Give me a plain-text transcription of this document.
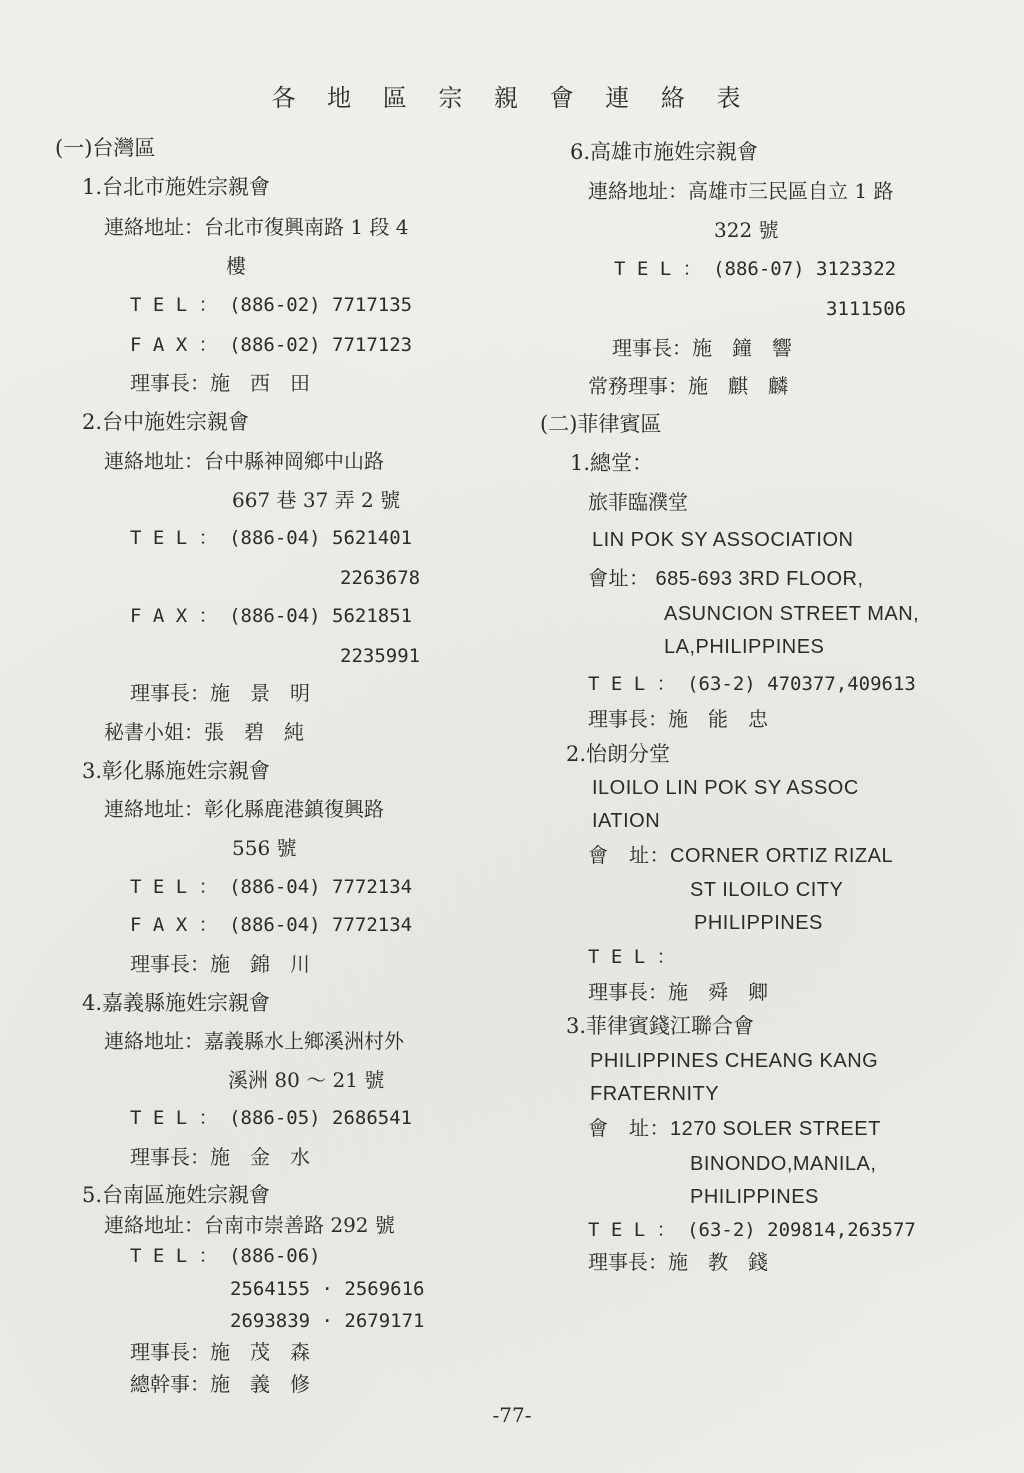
各 地 區 宗 親 會 連 絡 表
(一)台灣區
1.台北市施姓宗親會
連絡地址：台北市復興南路 1 段 4
樓
T E L ： (886-02) 7717135
F A X ： (886-02) 7717123
理事長：施　西　田
2.台中施姓宗親會
連絡地址：台中縣神岡鄉中山路
667 巷 37 弄 2 號
T E L ： (886-04) 5621401
2263678
F A X ： (886-04) 5621851
2235991
理事長：施　景　明
秘書小姐：張　碧　純
3.彰化縣施姓宗親會
連絡地址：彰化縣鹿港鎮復興路
556 號
T E L ： (886-04) 7772134
F A X ： (886-04) 7772134
理事長：施　錦　川
4.嘉義縣施姓宗親會
連絡地址：嘉義縣水上鄉溪洲村外
溪洲 80 ～ 21 號
T E L ： (886-05) 2686541
理事長：施　金　水
5.台南區施姓宗親會
連絡地址：台南市崇善路 292 號
T E L ： (886-06)
2564155 · 2569616
2693839 · 2679171
理事長：施　茂　森
總幹事：施　義　修
6.高雄市施姓宗親會
連絡地址：高雄市三民區自立 1 路
322 號
T E L ： (886-07) 3123322
3111506
理事長：施　鐘　響
常務理事：施　麒　麟
(二)菲律賓區
1.總堂：
旅菲臨濮堂
LIN POK SY ASSOCIATION
會址： 685-693 3RD FLOOR,
ASUNCION STREET MAN,
LA,PHILIPPINES
T E L ： (63-2) 470377,409613
理事長：施　能　忠
2.怡朗分堂
ILOILO LIN POK SY ASSOC
IATION
會　址：CORNER ORTIZ RIZAL
ST ILOILO CITY
PHILIPPINES
T E L ：
理事長：施　舜　卿
3.菲律賓錢江聯合會
PHILIPPINES CHEANG KANG
FRATERNITY
會　址：1270 SOLER STREET
BINONDO,MANILA,
PHILIPPINES
T E L ： (63-2) 209814,263577
理事長：施　教　錢
-77-
